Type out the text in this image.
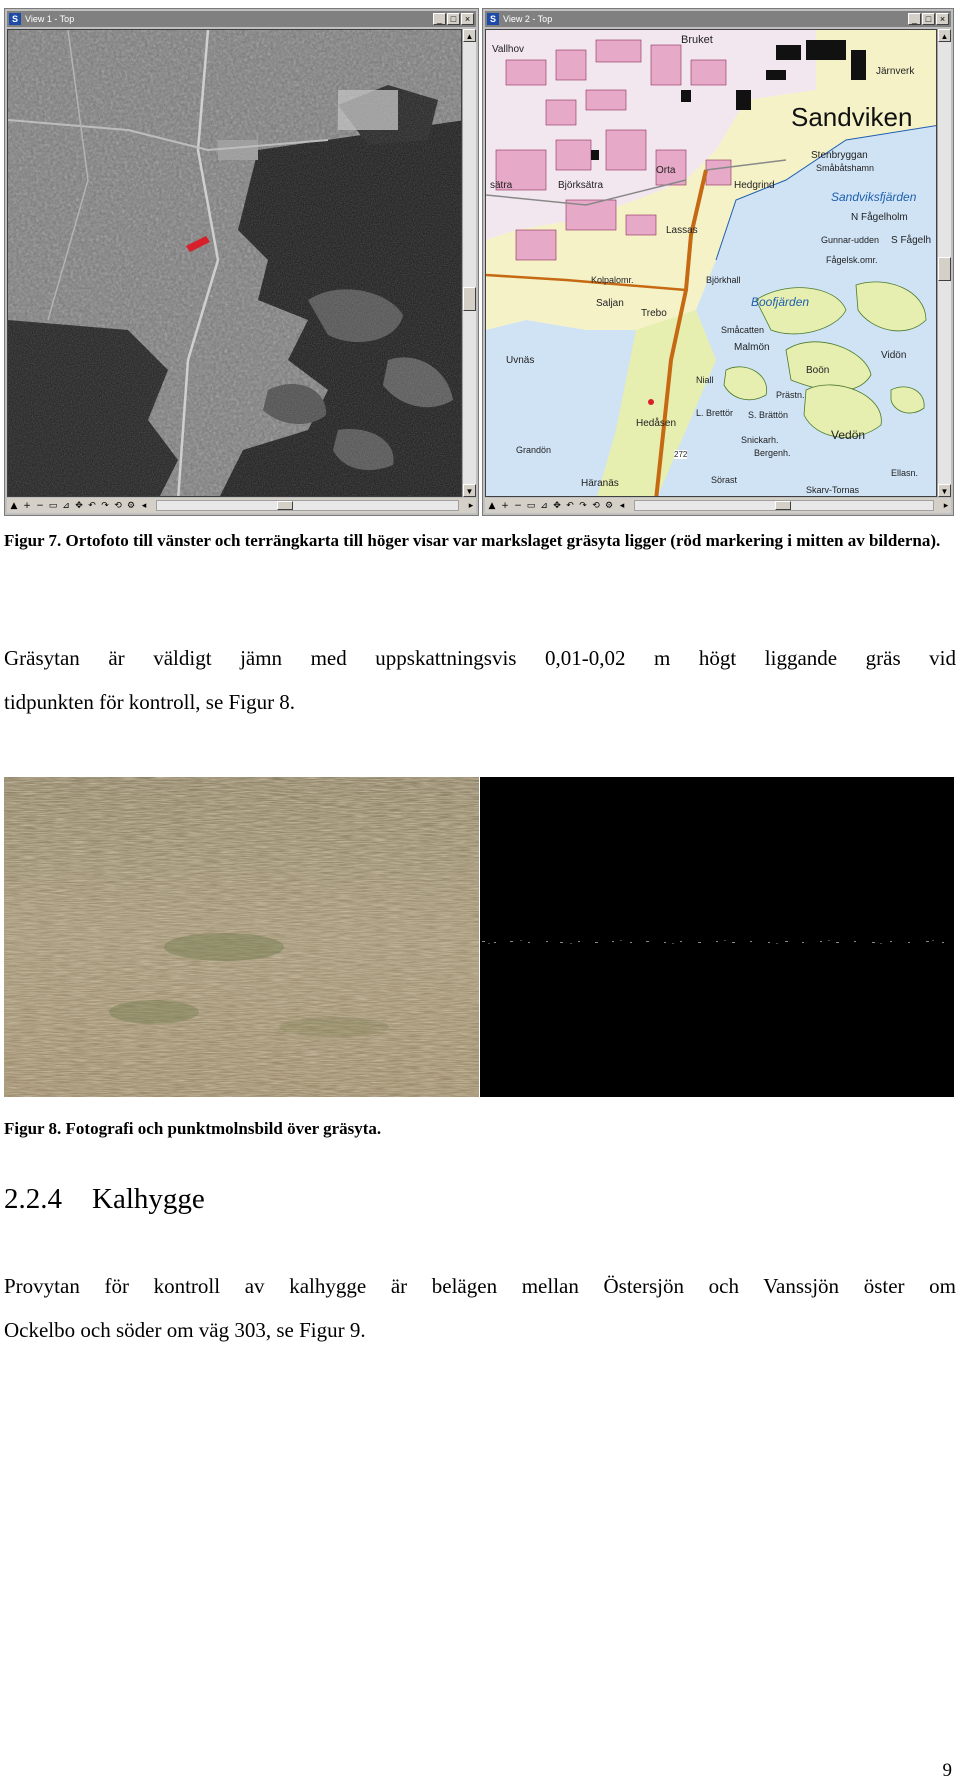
S View 1 - Top	_ □ ×
▲
▼
▲ + − ▭ ⊿ ✥ ↶ ↷ ⟲ ⚙ ◂	▸
S View 2 - Top	_ □ ×
Bruket
Vallhov
Järnverk
Sandviken
Stenbryggan
Småbåtshamn
sätra	Björksätra
Orta
Hedgrind
Sandviksfjärden
N Fågelholm
Gunnar-udden S Fågelh
Fågelsk.omr.
Björkhall
Lassas
Boofjärden
Kolpalomr.
Saljan
Trebo
Småcatten
Malmön
Vidön
Boön
Uvnäs
Niall
Prästn.
Hedåsen
L. Brettör S. Brättön
Vedön
Grandön
Snickarh.
Bergenh.
Ellasn.
Häranäs
Skarv-Tornas
Sörast
272
▲
▼
▲ + − ▭ ⊿ ✥ ↶ ↷ ⟲ ⚙ ◂	▸
Figur 7. Ortofoto till vänster och terrängkarta till höger visar var markslaget gräsyta ligger (röd markering i mitten av bilderna).
Gräsytan är väldigt jämn med uppskattningsvis 0,01-0,02 m högt liggande gräs vid
tidpunkten för kontroll, se Figur 8.
Figur 8. Fotografi och punktmolnsbild över gräsyta.
2.2.4 Kalhygge
Provytan för kontroll av kalhygge är belägen mellan Östersjön och Vanssjön öster om
Ockelbo och söder om väg 303, se Figur 9.
9
